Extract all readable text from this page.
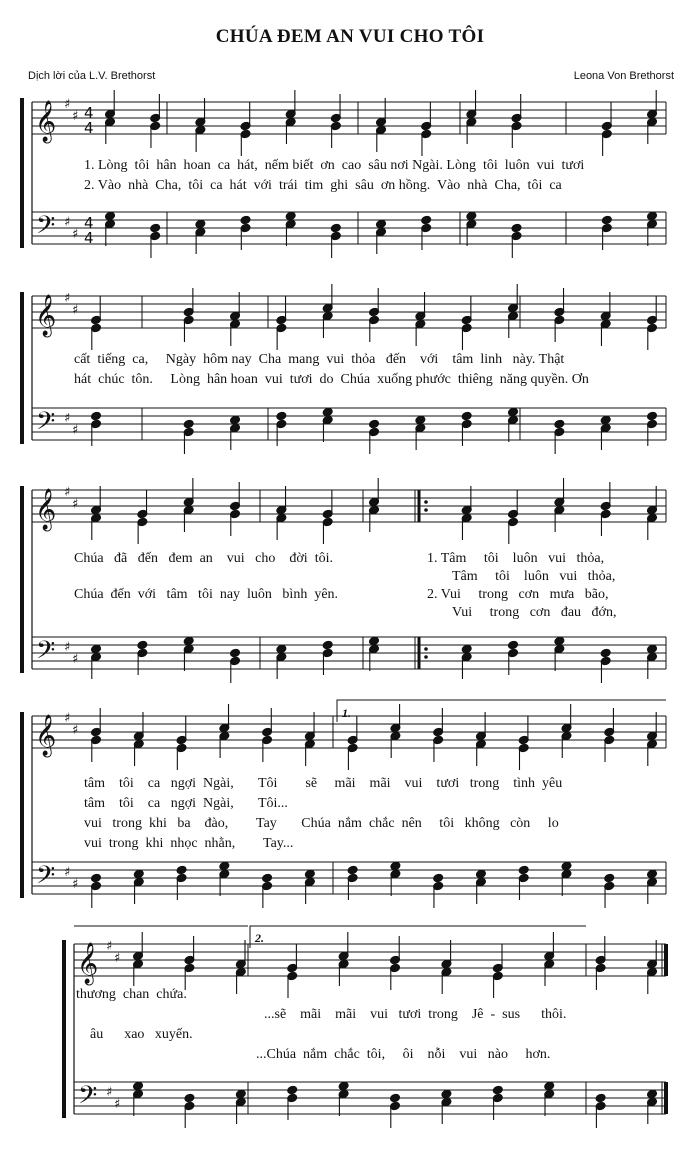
CHÚA ĐEM AN VUI CHO TÔI
Dịch lời của L.V. Brethorst	Leona Von Brethorst
𝄞
𝄢
♯
♯
♯
♯
4
4
4
4
𝄞
𝄢
♯
♯
♯
♯
𝄞
𝄢
♯
♯
♯
♯
𝄞
𝄢
♯
♯
♯
♯
𝄞
𝄢
♯
♯
♯
♯
1. Lòng  tôi  hân  hoan  ca  hát,  nếm biết  ơn  cao  sâu nơi Ngài. Lòng  tôi  luôn  vui  tươi
2. Vào  nhà  Cha,  tôi  ca  hát  với  trái  tim  ghi  sâu  ơn hồng.  Vào  nhà  Cha,  tôi  ca
cất  tiếng  ca,     Ngày  hôm nay  Cha  mang  vui  thỏa   đến    với    tâm  linh   này. Thật
hát  chúc  tôn.     Lòng  hân hoan  vui  tươi  do  Chúa  xuống phước  thiêng  năng quyền. Ơn
Chúa   đã   đến   đem  an    vui   cho    đời  tôi.
Chúa  đến  với   tâm   tôi  nay  luôn   bình  yên.
1. Tâm     tôi    luôn   vui   thỏa,
Tâm     tôi    luôn   vui   thỏa,
2. Vui     trong   cơn   mưa   bão,
Vui     trong   cơn   đau   đớn,
tâm    tôi    ca   ngợi  Ngài,       Tôi        sẽ     mãi    mãi    vui    tươi   trong    tình  yêu
tâm    tôi    ca   ngợi  Ngài,       Tôi...
vui   trong  khi   ba    đào,        Tay       Chúa  nắm  chắc  nên     tôi   không   còn     lo
vui  trong  khi  nhọc  nhằn,        Tay...
thương  chan  chứa.
...sẽ    mãi    mãi    vui   tươi  trong    Jê  -  sus      thôi.
âu      xao   xuyến.
...Chúa  nắm  chắc  tôi,     ôi    nỗi    vui   nào     hơn.
1.
2.
